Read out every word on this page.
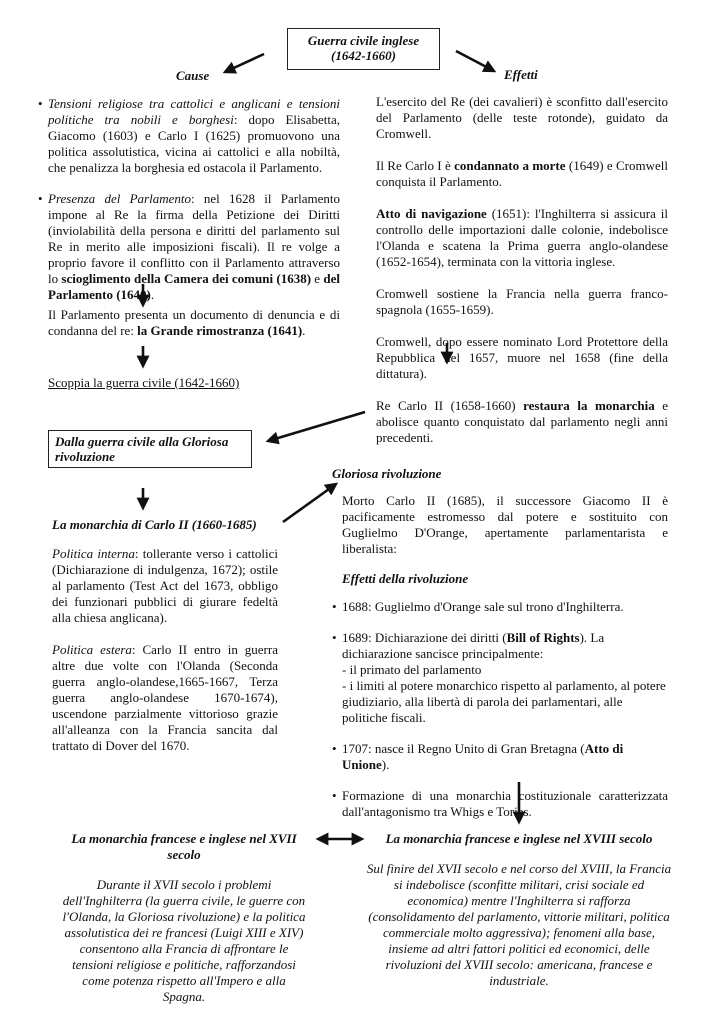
Guerra civile inglese
(1642-1660)
Cause	Effetti
• Tensioni religiose tra cattolici e anglicani e tensioni politiche tra nobili e borghesi: dopo Elisabetta, Giacomo (1603) e Carlo I (1625) promuovono una politica assolutistica, vicina ai cattolici e alla nobiltà, che penalizza la borghesia ed ostacola il Parlamento.
• Presenza del Parlamento: nel 1628 il Parlamento impone al Re la firma della Petizione dei Diritti (inviolabilità della persona e diritti del parlamento sul Re in merito alle imposizioni fiscali). Il re volge a proprio favore il conflitto con il Parlamento attraverso lo scioglimento della Camera dei comuni (1638) e del Parlamento (1640).
Il Parlamento presenta un documento di denuncia e di condanna del re: la Grande rimostranza (1641).
Scoppia la guerra civile (1642-1660)

L'esercito del Re (dei cavalieri) è sconfitto dall'esercito del Parlamento (delle teste rotonde), guidato da Cromwell.

Il Re Carlo I è condannato a morte (1649) e Cromwell conquista il Parlamento.

Atto di navigazione (1651): l'Inghilterra si assicura il controllo delle importazioni dalle colonie, indebolisce l'Olanda e scatena la Prima guerra anglo-olandese (1652-1654), terminata con la vittoria inglese.

Cromwell sostiene la Francia nella guerra franco-spagnola (1655-1659).

Cromwell, dopo essere nominato Lord Protettore della Repubblica nel 1657, muore nel 1658 (fine della dittatura).

Re Carlo II (1658-1660) restaura la monarchia e abolisce quanto conquistato dal parlamento negli anni precedenti.

Dalla guerra civile alla Gloriosa rivoluzione
La monarchia di Carlo II (1660-1685)

Politica interna: tollerante verso i cattolici (Dichiarazione di indulgenza, 1672); ostile al parlamento (Test Act del 1673, obbligo dei funzionari pubblici di giurare fedeltà alla chiesa anglicana).

Politica estera: Carlo II entro in guerra altre due volte con l'Olanda (Seconda guerra anglo-olandese,1665-1667, Terza guerra anglo-olandese 1670-1674), uscendone parzialmente vittorioso grazie all'alleanza con la Francia sancita dal trattato di Dover del 1670.

Gloriosa rivoluzione

Morto Carlo II (1685), il successore Giacomo II è pacificamente estromesso dal potere e sostituito con Guglielmo D'Orange, apertamente parlamentarista e liberalista:

Effetti della rivoluzione
• 1688: Guglielmo d'Orange sale sul trono d'Inghilterra.
• 1689: Dichiarazione dei diritti (Bill of Rights). La dichiarazione sancisce principalmente:
- il primato del parlamento
- i limiti al potere monarchico rispetto al parlamento, al potere giudiziario, alla libertà di parola dei parlamentari, alle politiche fiscali.
• 1707: nasce il Regno Unito di Gran Bretagna (Atto di Unione).
• Formazione di una monarchia costituzionale caratterizzata dall'antagonismo tra Whigs e Tories.
La monarchia francese e inglese nel XVII secolo

Durante il XVII secolo i problemi dell'Inghilterra (la guerra civile, le guerre con l'Olanda, la Gloriosa rivoluzione) e la politica assolutistica dei re francesi (Luigi XIII e XIV) consentono alla Francia di affrontare le tensioni religiose e politiche, rafforzandosi come potenza rispetto all'Impero e alla Spagna.

La monarchia francese e inglese nel XVIII secolo

Sul finire del XVII secolo e nel corso del XVIII, la Francia si indebolisce (sconfitte militari, crisi sociale ed economica) mentre l'Inghilterra si rafforza (consolidamento del parlamento, vittorie militari, politica commerciale molto aggressiva); fenomeni alla base, insieme ad altri fattori politici ed economici, delle rivoluzioni del XVIII secolo: americana, francese e industriale.
